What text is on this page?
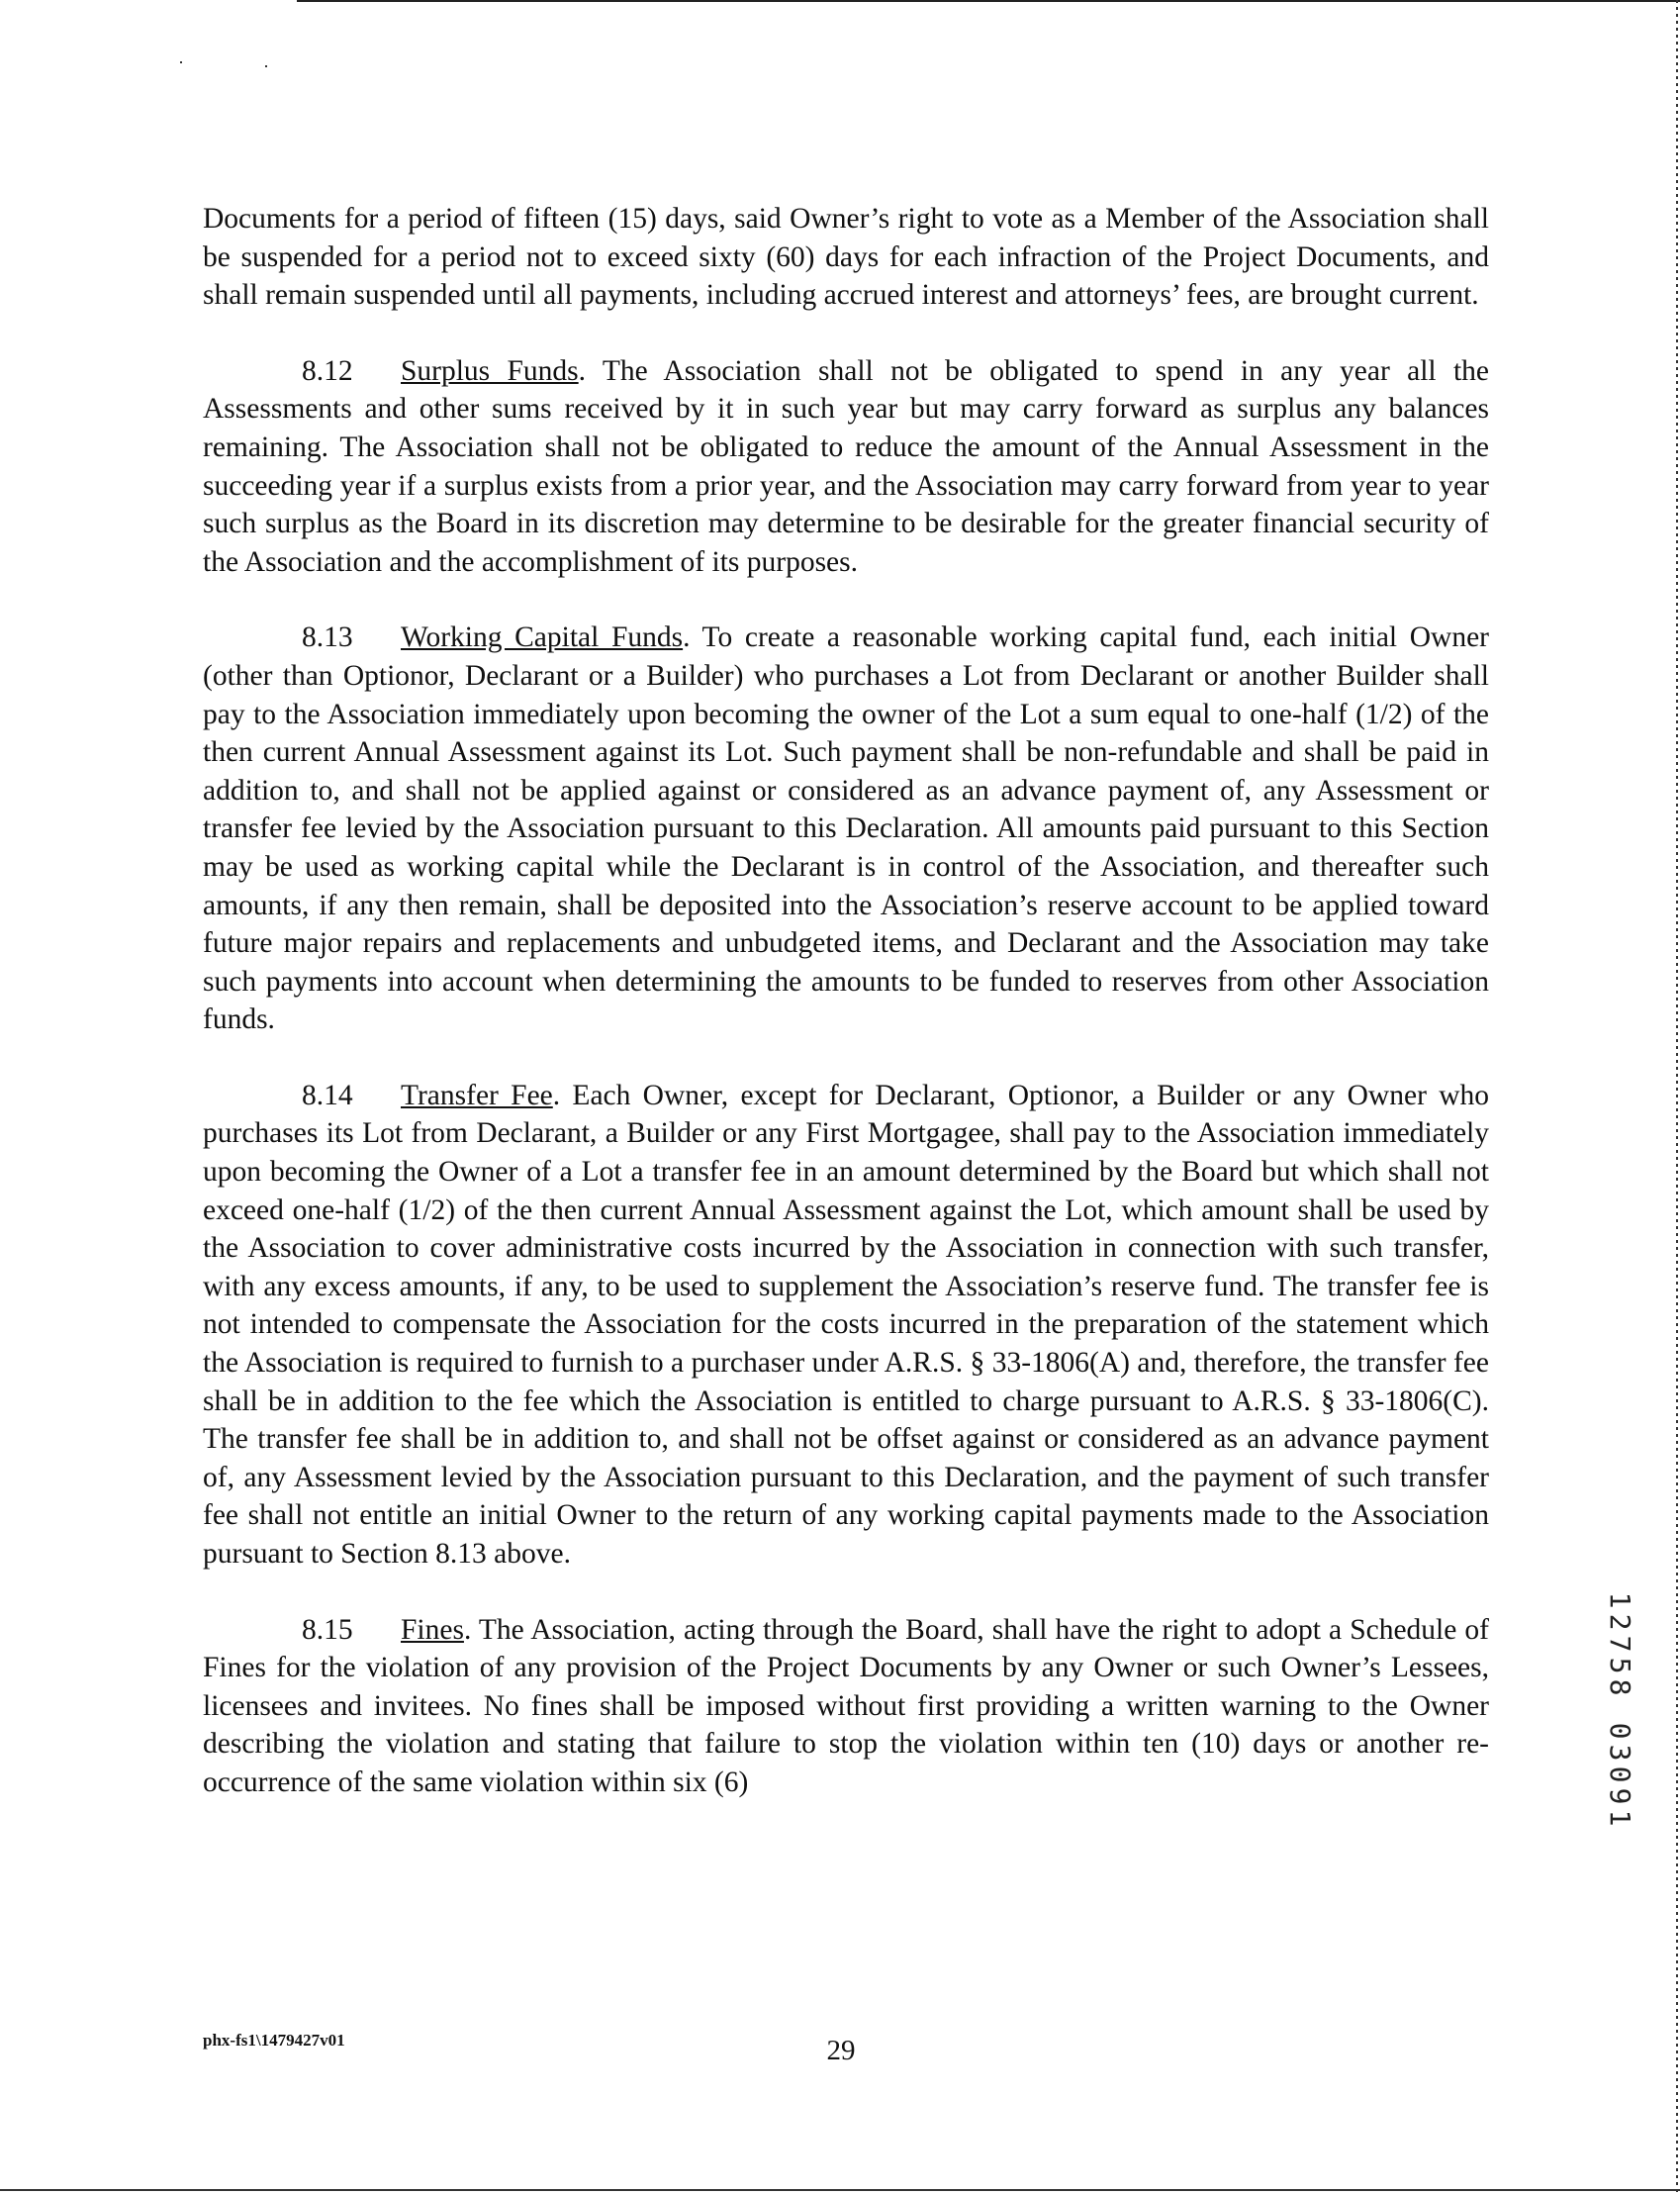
Documents for a period of fifteen (15) days, said Owner’s right to vote as a Member of the Association shall be suspended for a period not to exceed sixty (60) days for each infraction of the Project Documents, and shall remain suspended until all payments, including accrued interest and attorneys’ fees, are brought current.

8.12 Surplus Funds. The Association shall not be obligated to spend in any year all the Assessments and other sums received by it in such year but may carry forward as surplus any balances remaining. The Association shall not be obligated to reduce the amount of the Annual Assessment in the succeeding year if a surplus exists from a prior year, and the Association may carry forward from year to year such surplus as the Board in its discretion may determine to be desirable for the greater financial security of the Association and the accomplishment of its purposes.

8.13 Working Capital Funds. To create a reasonable working capital fund, each initial Owner (other than Optionor, Declarant or a Builder) who purchases a Lot from Declarant or another Builder shall pay to the Association immediately upon becoming the owner of the Lot a sum equal to one-half (1/2) of the then current Annual Assessment against its Lot. Such payment shall be non-refundable and shall be paid in addition to, and shall not be applied against or considered as an advance payment of, any Assessment or transfer fee levied by the Association pursuant to this Declaration. All amounts paid pursuant to this Section may be used as working capital while the Declarant is in control of the Association, and thereafter such amounts, if any then remain, shall be deposited into the Association’s reserve account to be applied toward future major repairs and replacements and unbudgeted items, and Declarant and the Association may take such payments into account when determining the amounts to be funded to reserves from other Association funds.

8.14 Transfer Fee. Each Owner, except for Declarant, Optionor, a Builder or any Owner who purchases its Lot from Declarant, a Builder or any First Mortgagee, shall pay to the Association immediately upon becoming the Owner of a Lot a transfer fee in an amount determined by the Board but which shall not exceed one-half (1/2) of the then current Annual Assessment against the Lot, which amount shall be used by the Association to cover administrative costs incurred by the Association in connection with such transfer, with any excess amounts, if any, to be used to supplement the Association’s reserve fund. The transfer fee is not intended to compensate the Association for the costs incurred in the preparation of the statement which the Association is required to furnish to a purchaser under A.R.S. § 33-1806(A) and, therefore, the transfer fee shall be in addition to the fee which the Association is entitled to charge pursuant to A.R.S. § 33-1806(C). The transfer fee shall be in addition to, and shall not be offset against or considered as an advance payment of, any Assessment levied by the Association pursuant to this Declaration, and the payment of such transfer fee shall not entitle an initial Owner to the return of any working capital payments made to the Association pursuant to Section 8.13 above.

8.15 Fines. The Association, acting through the Board, shall have the right to adopt a Schedule of Fines for the violation of any provision of the Project Documents by any Owner or such Owner’s Lessees, licensees and invitees. No fines shall be imposed without first providing a written warning to the Owner describing the violation and stating that failure to stop the violation within ten (10) days or another re-occurrence of the same violation within six (6)

phx-fs1\1479427v01	29
1
2
7
5
8
0
3
0
9
1
